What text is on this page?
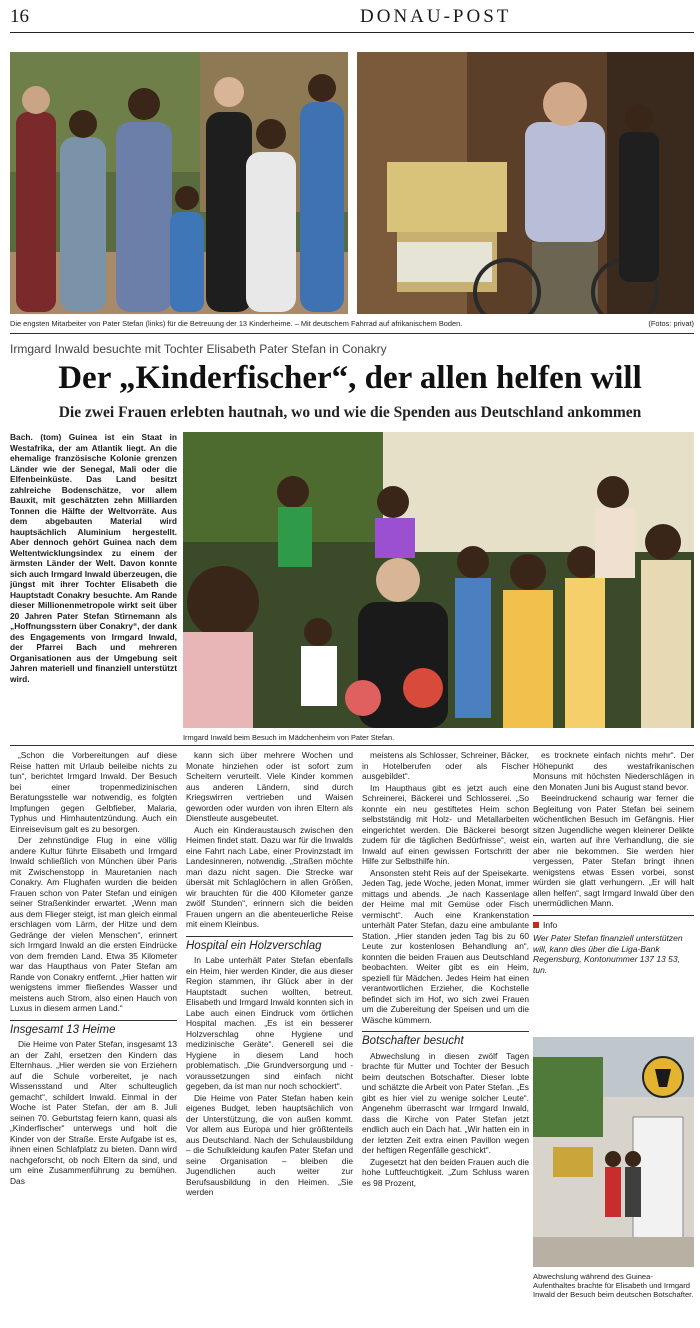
16	DONAU-POST
Die engsten Mitarbeiter von Pater Stefan (links) für die Betreuung der 13 Kinderheime. – Mit deutschem Fahrrad auf afrikanischem Boden.	(Fotos: privat)
Irmgard Inwald besuchte mit Tochter Elisabeth Pater Stefan in Conakry
Der „Kinderfischer“, der allen helfen will
Die zwei Frauen erlebten hautnah, wo und wie die Spenden aus Deutschland ankommen

Bach. (tom) Guinea ist ein Staat in Westafrika, der am Atlantik liegt. An die ehemalige französische Kolonie grenzen Länder wie der Senegal, Mali oder die Elfenbeinküste. Das Land besitzt zahlreiche Bodenschätze, vor allem Bauxit, mit geschätzten zehn Milliarden Tonnen die Hälfte der Weltvorräte. Aus dem abgebauten Material wird hauptsächlich Aluminium hergestellt. Aber dennoch gehört Guinea nach dem Weltentwicklungsindex zu einem der ärmsten Länder der Welt. Davon konnte sich auch Irmgard Inwald überzeugen, die jüngst mit ihrer Tochter Elisabeth die Hauptstadt Conakry besuchte. Am Rande dieser Millionenmetropole wirkt seit über 20 Jahren Pater Stefan Stirnemann als „Hoffnungsstern über Conakry“, der dank des Engagements von Irmgard Inwald, der Pfarrei Bach und mehreren Organisationen aus der Umgebung seit Jahren materiell und finanziell unterstützt wird.

Irmgard Inwald beim Besuch im Mädchenheim von Pater Stefan.

„Schon die Vorbereitungen auf diese Reise hatten mit Urlaub beileibe nichts zu tun“, berichtet Irmgard Inwald. Der Besuch bei einer tropenmedizinischen Beratungsstelle war notwendig, es folgten Impfungen gegen Gelbfieber, Malaria, Typhus und Hirnhautentzündung. Auch ein Einreisevisum galt es zu besorgen.

Der zehnstündige Flug in eine völlig andere Kultur führte Elisabeth und Irmgard Inwald schließlich von München über Paris mit Zwischenstopp in Mauretanien nach Conakry. Am Flughafen wurden die beiden Frauen schon von Pater Stefan und einigen seiner Straßenkinder erwartet. „Wenn man aus dem Flieger steigt, ist man gleich einmal erschlagen vom Lärm, der Hitze und dem Gedränge der vielen Menschen“, erinnert sich Irmgard Inwald an die ersten Eindrücke von dem fremden Land. Etwa 35 Kilometer war das Haupthaus von Pater Stefan am Rande von Conakry entfernt. „Hier hatten wir wenigstens immer fließendes Wasser und meistens auch Strom, also einen Hauch von Luxus in diesem armen Land.“

Insgesamt 13 Heime

Die Heime von Pater Stefan, insgesamt 13 an der Zahl, ersetzen den Kindern das Elternhaus. „Hier werden sie von Erziehern auf die Schule vorbereitet, je nach Wissensstand und Alter schulteuglich gemacht“, schildert Inwald. Einmal in der Woche ist Pater Stefan, der am 8. Juli seinen 70. Geburtstag feiern kann, quasi als „Kinderfischer“ unterwegs und holt die Kinder von der Straße. Erste Aufgabe ist es, ihnen einen Schlafplatz zu bieten. Dann wird nachgeforscht, ob noch Eltern da sind, und um eine Zusammenführung zu bemühen. Das

kann sich über mehrere Wochen und Monate hinziehen oder ist sofort zum Scheitern verurteilt. Viele Kinder kommen aus anderen Ländern, sind durch Kriegswirren vertrieben und Waisen geworden oder wurden von ihren Eltern als Dienstleute ausgebeutet.

Auch ein Kinderaustausch zwischen den Heimen findet statt. Dazu war für die Inwalds eine Fahrt nach Labe, einer Provinzstadt im Landesinneren, notwendig. „Straßen möchte man dazu nicht sagen. Die Strecke war übersät mit Schlaglöchern in allen Größen, wir brauchten für die 400 Kilometer ganze zwölf Stunden“, erinnern sich die beiden Frauen ungern an die abenteuerliche Reise mit einem Kleinbus.

Hospital ein Holzverschlag

In Labe unterhält Pater Stefan ebenfalls ein Heim, hier werden Kinder, die aus dieser Region stammen, ihr Glück aber in der Hauptstadt suchen wollten, betreut. Elisabeth und Irmgard Inwald konnten sich in Labe auch einen Eindruck vom örtlichen Hospital machen. „Es ist ein besserer Holzverschlag ohne Hygiene und medizinische Geräte“. Generell sei die Hygiene in diesem Land hoch problematisch. „Die Grundversorgung und -voraussetzungen sind einfach nicht gegeben, da ist man nur noch schockiert“.

Die Heime von Pater Stefan haben kein eigenes Budget, leben hauptsächlich von der Unterstützung, die von außen kommt. Vor allem aus Europa und hier größtenteils aus Deutschland. Nach der Schulausbildung – die Schulkleidung kaufen Pater Stefan und seine Organisation – bleiben die Jugendlichen auch weiter zur Berufsausbildung in den Heimen. „Sie werden

meistens als Schlosser, Schreiner, Bäcker, in Hotelberufen oder als Fischer ausgebildet“.

Im Haupthaus gibt es jetzt auch eine Schreinerei, Bäckerei und Schlosserei. „So konnte ein neu gestiftetes Heim schon selbstständig mit Holz- und Metallarbeiten eingerichtet werden. Die Bäckerei besorgt zudem für die täglichen Bedürfnisse“, weist Inwald auf einen gewissen Fortschritt der Hilfe zur Selbsthilfe hin.

Ansonsten steht Reis auf der Speisekarte. Jeden Tag, jede Woche, jeden Monat, immer mittags und abends. „Je nach Kassenlage der Heime mal mit Gemüse oder Fisch vermischt“. Auch eine Krankenstation unterhält Pater Stefan, dazu eine ambulante Station. „Hier standen jeden Tag bis zu 60 Leute zur kostenlosen Behandlung an“, konnten die beiden Frauen aus Deutschland beobachten. Weiter gibt es ein Heim, speziell für Mädchen. Jedes Heim hat einen verantwortlichen Erzieher, die Kochstelle befindet sich im Hof, wo sich zwei Frauen um die Zubereitung der Speisen und um die Wäsche kümmern.

Botschafter besucht

Abwechslung in diesen zwölf Tagen brachte für Mutter und Tochter der Besuch beim deutschen Botschafter. Dieser lobte und schätzte die Arbeit von Pater Stefan. „Es gibt es hier viel zu wenige solcher Leute“. Angenehm überrascht war Irmgard Inwald, dass die Kirche von Pater Stefan jetzt endlich auch ein Dach hat. „Wir hatten ein in der letzten Zeit extra einen Pavillon wegen der heftigen Regenfälle geschickt“.

Zugesetzt hat den beiden Frauen auch die hohe Luftfeuchtigkeit. „Zum Schluss waren es 98 Prozent,

es trocknete einfach nichts mehr“. Der Höhepunkt des westafrikanischen Monsuns mit höchsten Niederschlägen in den Monaten Juni bis August stand bevor.

Beeindruckend schaurig war ferner die Begleitung von Pater Stefan bei seinem wöchentlichen Besuch im Gefängnis. Hier sitzen Jugendliche wegen kleinerer Delikte ein, warten auf ihre Verhandlung, die sie aber nie bekommen. Sie werden hier vergessen, Pater Stefan bringt ihnen wenigstens etwas Essen vorbei, sonst würden sie glatt verhungern. „Er will halt allen helfen“, sagt Irmgard Inwald über den unermüdlichen Mann.

Info
Wer Pater Stefan finanziell unterstützen will, kann dies über die Liga-Bank Regensburg, Kontonummer 137 13 53, tun.
Abwechslung während des Guinea-Aufenthaltes brachte für Elisabeth und Irmgard Inwald der Besuch beim deutschen Botschafter.
